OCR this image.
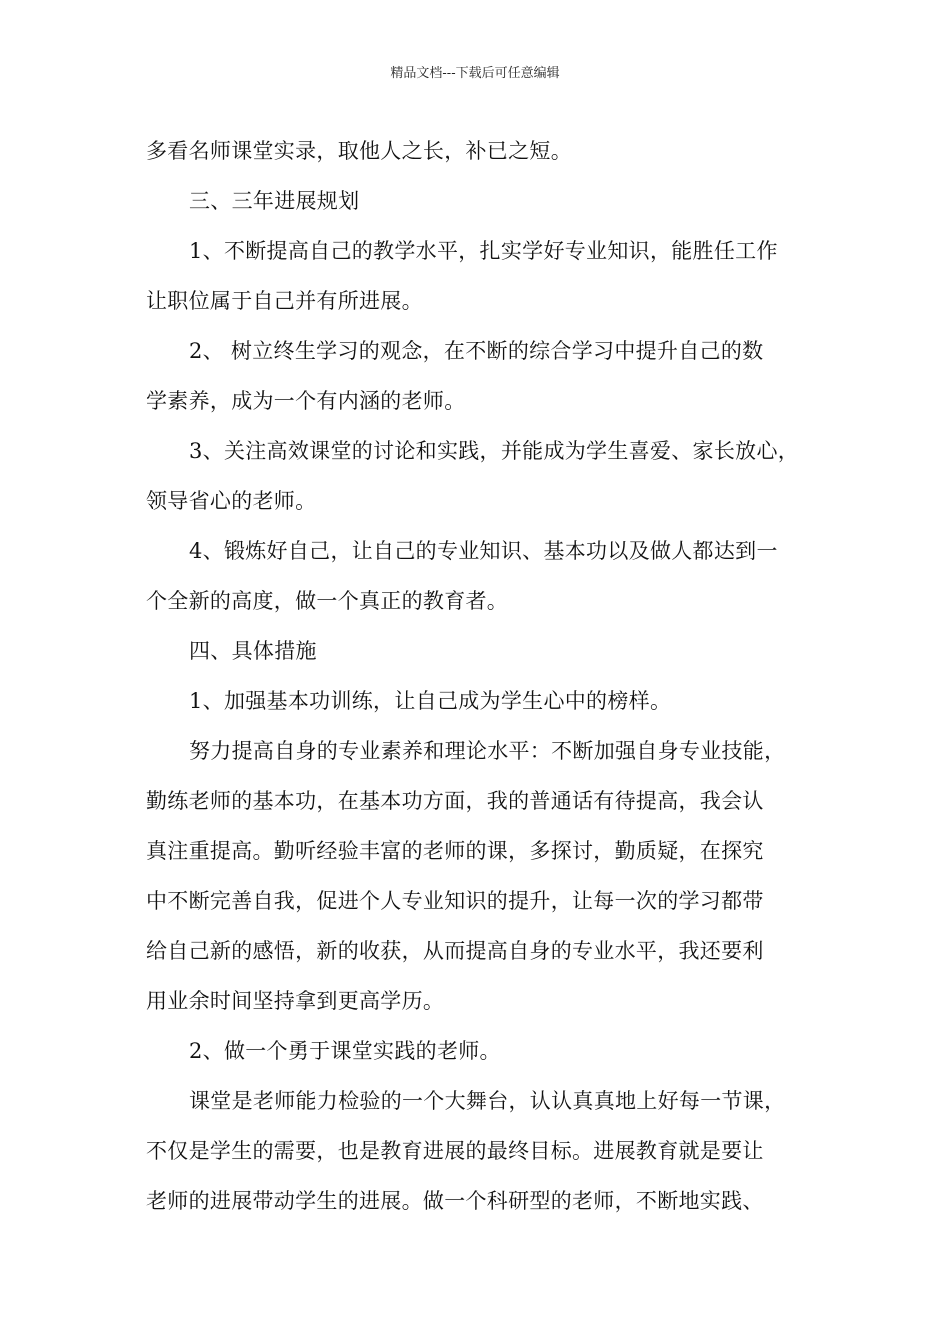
精品文档---下载后可任意编辑
多看名师课堂实录，取他人之长，补已之短。
三、三年进展规划
1、不断提高自己的教学水平，扎实学好专业知识，能胜任工作
让职位属于自己并有所进展。
2、 树立终生学习的观念，在不断的综合学习中提升自己的数
学素养，成为一个有内涵的老师。
3、关注高效课堂的讨论和实践，并能成为学生喜爱、家长放心，
领导省心的老师。
4、锻炼好自己，让自己的专业知识、基本功以及做人都达到一
个全新的高度，做一个真正的教育者。
四、具体措施
1、加强基本功训练，让自己成为学生心中的榜样。
努力提高自身的专业素养和理论水平：不断加强自身专业技能，
勤练老师的基本功，在基本功方面，我的普通话有待提高，我会认
真注重提高。勤听经验丰富的老师的课，多探讨，勤质疑，在探究
中不断完善自我，促进个人专业知识的提升，让每一次的学习都带
给自己新的感悟，新的收获，从而提高自身的专业水平，我还要利
用业余时间坚持拿到更高学历。
2、做一个勇于课堂实践的老师。
课堂是老师能力检验的一个大舞台，认认真真地上好每一节课，
不仅是学生的需要，也是教育进展的最终目标。进展教育就是要让
老师的进展带动学生的进展。做一个科研型的老师，不断地实践、
